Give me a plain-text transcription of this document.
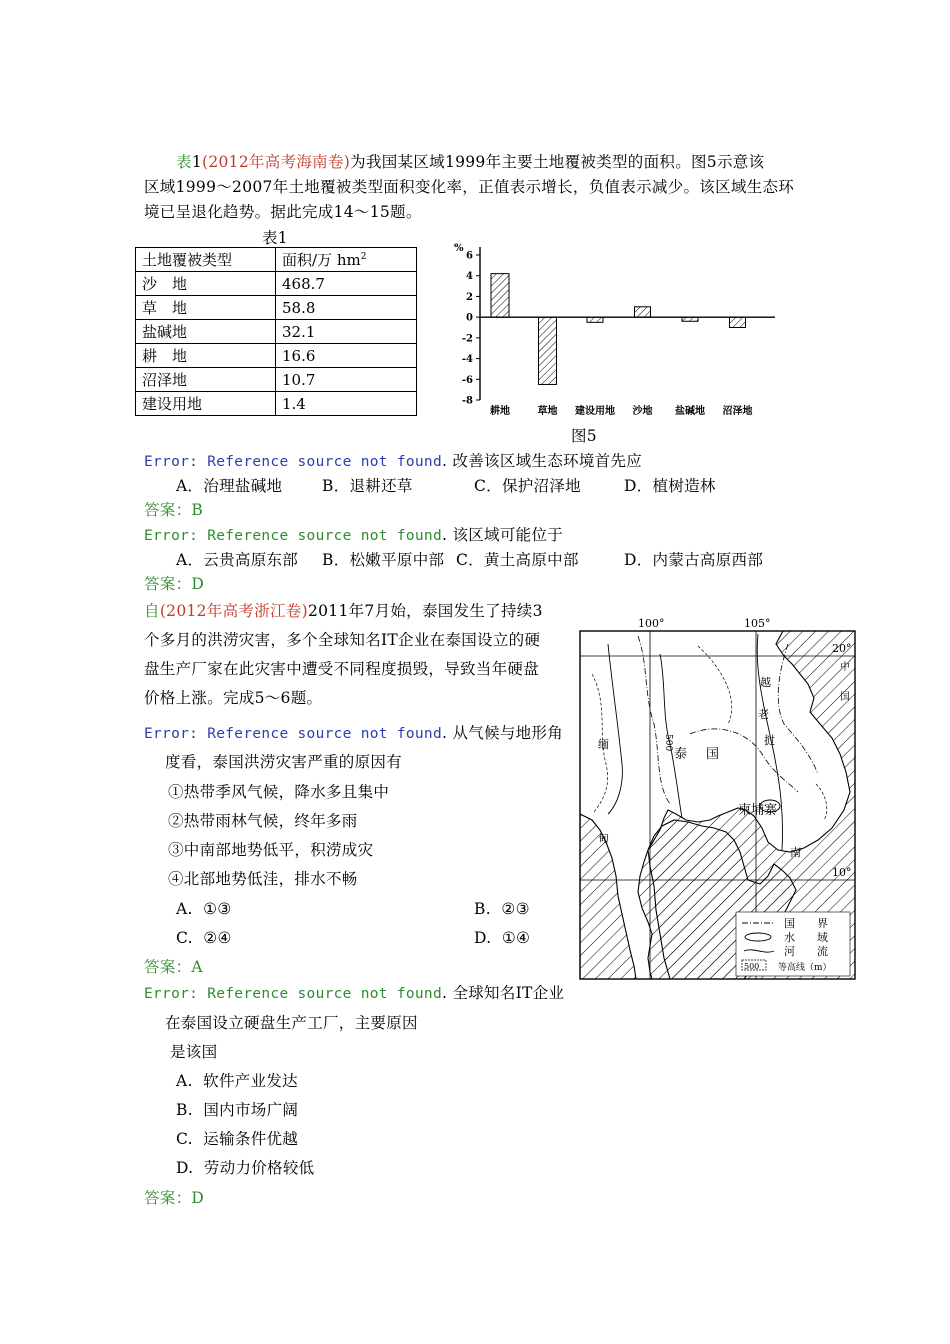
表1(2012年高考海南卷)为我国某区域1999年主要土地覆被类型的面积。图5示意该
区域1999～2007年土地覆被类型面积变化率，正值表示增长，负值表示减少。该区域生态环
境已呈退化趋势。据此完成14～15题。
表1
土地覆被类型	面积/万 $hm^2$
沙　地	468.7
草　地	58.8
盐碱地	32.1
耕　地	16.6
沼泽地	10.7
建设用地	1.4
%
6
4
2
0
-2
-4
-6
-8
耕地	草地 建设用地 沙地 盐碱地 沼泽地
图5
Error: Reference source not found. 改善该区域生态环境首先应
A．治理盐碱地	B．退耕还草	C．保护沼泽地	D．植树造林
答案：B
Error: Reference source not found. 该区域可能位于
A．云贵高原东部 B．松嫩平原中部 C．黄土高原中部	D．内蒙古高原西部
答案：D
自(2012年高考浙江卷)2011年7月始，泰国发生了持续3
个多月的洪涝灾害，多个全球知名IT企业在泰国设立的硬
盘生产厂家在此灾害中遭受不同程度损毁，导致当年硬盘
价格上涨。完成5～6题。
Error: Reference source not found. 从气候与地形角
度看，泰国洪涝灾害严重的原因有
①热带季风气候，降水多且集中
②热带雨林气候，终年多雨
③中南部地势低平，积涝成灾
④北部地势低洼，排水不畅
A.  ①③	B.  ②③
C.  ②④	D.  ①④
答案：A
Error: Reference source not found. 全球知名IT企业
在泰国设立硬盘生产工厂，主要原因
是该国
A.  软件产业发达
B.  国内市场广阔
C.  运输条件优越
D.  劳动力价格较低
答案：D
100°	105°
20°
10°
泰 国
柬埔寨
缅
甸
老
挝
越
南
中
国
500
500
国　　界
水　　域
河　　流
等高线（m）
